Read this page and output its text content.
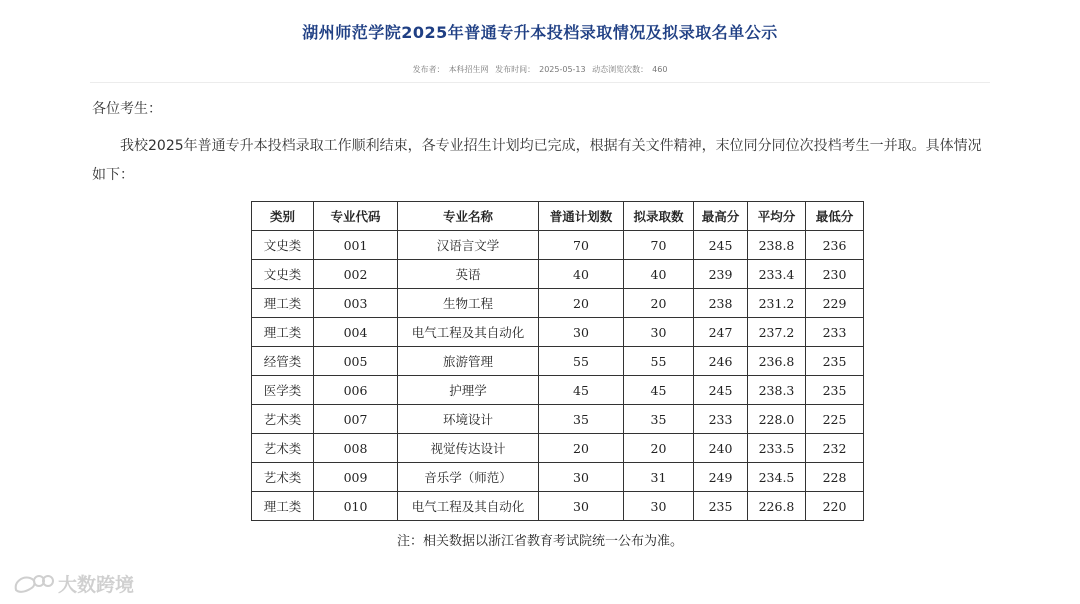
湖州师范学院2025年普通专升本投档录取情况及拟录取名单公示
发布者： 本科招生网 发布时间： 2025-05-13 动态浏览次数： 460
各位考生：
我校2025年普通专升本投档录取工作顺利结束，各专业招生计划均已完成，根据有关文件精神，末位同分同位次投档考生一并取。具体情况如下：
类别	专业代码	专业名称	普通计划数	拟录取数	最高分	平均分	最低分
文史类	001	汉语言文学	70	70	245	238.8	236
文史类	002	英语	40	40	239	233.4	230
理工类	003	生物工程	20	20	238	231.2	229
理工类	004	电气工程及其自动化	30	30	247	237.2	233
经管类	005	旅游管理	55	55	246	236.8	235
医学类	006	护理学	45	45	245	238.3	235
艺术类	007	环境设计	35	35	233	228.0	225
艺术类	008	视觉传达设计	20	20	240	233.5	232
艺术类	009	音乐学（师范）	30	31	249	234.5	228
理工类	010	电气工程及其自动化	30	30	235	226.8	220
注：相关数据以浙江省教育考试院统一公布为准。
大数跨境
